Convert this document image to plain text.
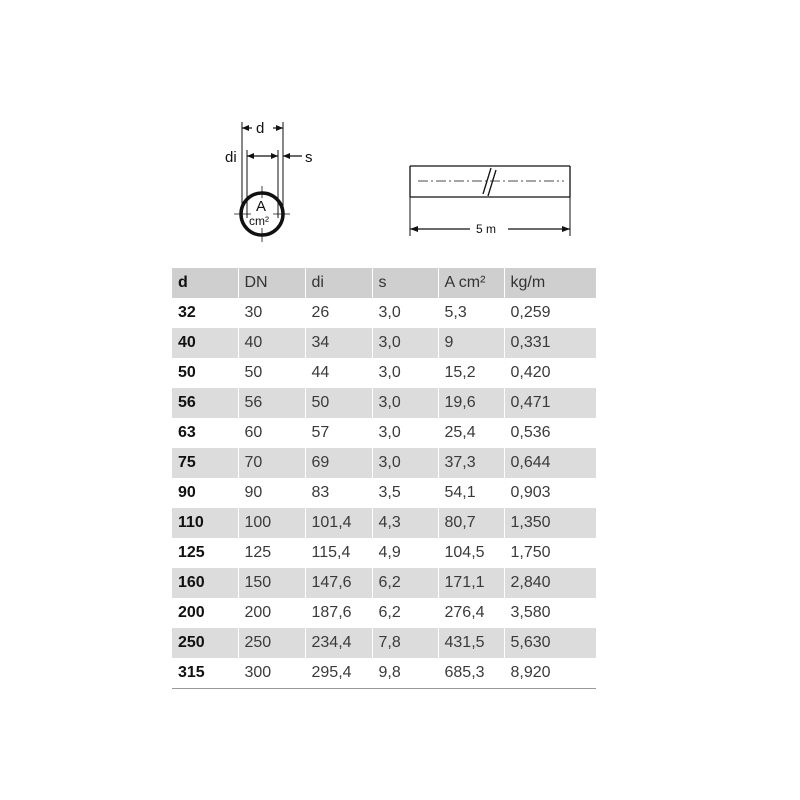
d
di	s
A
cm²
5 m
d	DN	di	s	A cm²	kg/m
32	30	26	3,0	5,3	0,259
40	40	34	3,0	9	0,331
50	50	44	3,0	15,2	0,420
56	56	50	3,0	19,6	0,471
63	60	57	3,0	25,4	0,536
75	70	69	3,0	37,3	0,644
90	90	83	3,5	54,1	0,903
110	100	101,4	4,3	80,7	1,350
125	125	115,4	4,9	104,5	1,750
160	150	147,6	6,2	171,1	2,840
200	200	187,6	6,2	276,4	3,580
250	250	234,4	7,8	431,5	5,630
315	300	295,4	9,8	685,3	8,920
